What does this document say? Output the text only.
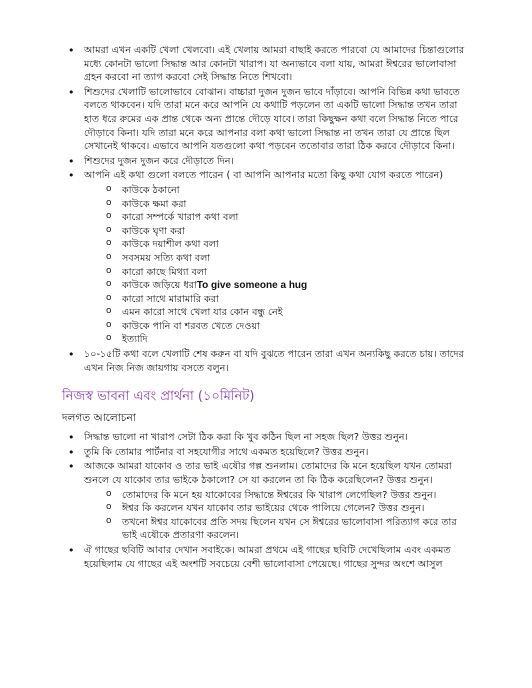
• আমরা এখন একটি খেলা খেলবো। এই খেলায় আমরা বাছাই করতে পারবো যে আমাদের চিন্তাগুলোর মধ্যে কোনটা ভালো সিদ্ধান্ত আর কোনটা খারাপ। যা অন্যভাবে বলা যায়, আমরা ঈশ্বরের ভালোবাসা গ্রহন করবো না ত্যাগ করবো সেই সিদ্ধান্ত নিতে শিখবো।
• শিশুদের খেলাটি ভালোভাবে বোঝান। বাচ্চারা দুজন দুজন ভাবে দাঁড়াবে। আপনি বিভিন্ন কথা ভাবতে বলতে থাকবেন। যদি তারা মনে করে আপনি যে কথাটি পড়লেন তা একটি ভালো সিদ্ধান্ত তখন তারা হাত ধরে রুমের এক প্রান্ত থেকে অন্য প্রান্তে দৌড়ে যাবে। তারা কিছুক্ষন কথা বলে সিদ্ধান্ত নিতে পারে দৌড়াবে কিনা। যদি তারা মনে করে আপনার বলা কথা ভালো সিদ্ধান্ত না তখন তারা যে প্রান্তে ছিল সেখানেই থাকবে। এভাবে আপনি যতগুলো কথা পড়বেন ততোবার তারা ঠিক করবে দৌড়াবে কিনা।
• শিশুদের দুজন দুজন করে দৌড়াতে দিন।
• আপনি এই কথা গুলো বলতে পারেন ( বা আপনি আপনার মতো কিছু কথা যোগ করতে পারেন)
o কাউকে ঠকানো
o কাউকে ক্ষমা করা
o কারো সম্পর্কে খারাপ কথা বলা
o কাউকে ঘৃণা করা
o কাউকে দয়াশীল কথা বলা
o সবসময় সত্যি কথা বলা
o কারো কাছে মিথ্যা বলা
o কাউকে জড়িয়ে ধরাTo give someone a hug
o কারো সাথে মারামারি করা
o এমন কারো সাথে খেলা যার কোন বন্ধু নেই
o কাউকে পানি বা শরবত খেতে দেওয়া
o ইত্যাদি
• ১০-১৫টি কথা বলে খেলাটি শেষ করুন বা যদি বুঝতে পারেন তারা এখন অন্যকিছু করতে চায়। তাদের এখন নিজ নিজ জায়গায় বসতে বলুন।
নিজস্ব ভাবনা এবং প্রার্থনা (১০মিনিট)
দলগত আলোচনা
• সিদ্ধান্ত ভালো না খারাপ সেটা ঠিক করা কি খুব কঠিন ছিল না সহজ ছিল? উত্তর শুনুন।
• তুমি কি তোমার পার্টনার বা সহযোগীর সাথে একমত হয়েছিলে? উত্তর শুনুন।
• আজকে আমরা যাকোব ও তার ভাই এষৌর গল্প শুনলাম। তোমাদের কি মনে হয়েছিল যখন তোমরা শুনলে যে যাকোব তার ভাইকে ঠকালো? সে যা করলেন তা কি ঠিক করেছিলেন? উত্তর শুনুন।
o তোমাদের কি মনে হয় যাকোবের সিদ্ধান্তে ঈশ্বরের কি খারাপ লেগেছিল? উত্তর শুনুন।
o ঈশ্বর কি করলেন যখন যাকোব তার ভাইয়ের থেকে পালিয়ে গেলেন? উত্তর শুনুন।
o তখনো ঈশ্বর যাকোবের প্রতি সদয় ছিলেন যখন সে ঈশ্বরের ভালোবাসা পরিত্যাগ করে তার ভাই এষৌকে প্রতারণা করলেন।
• ঐ গাছের ছবিটি আবার দেখান সবাইকে। আমরা প্রথমে এই গাছের ছবিটি দেখেছিলাম এবং একমত হয়েছিলাম যে গাছের এই অংশটি সবচেয়ে বেশী ভালোবাসা পেয়েছে। গাছের সুন্দর অংশে আসুল
